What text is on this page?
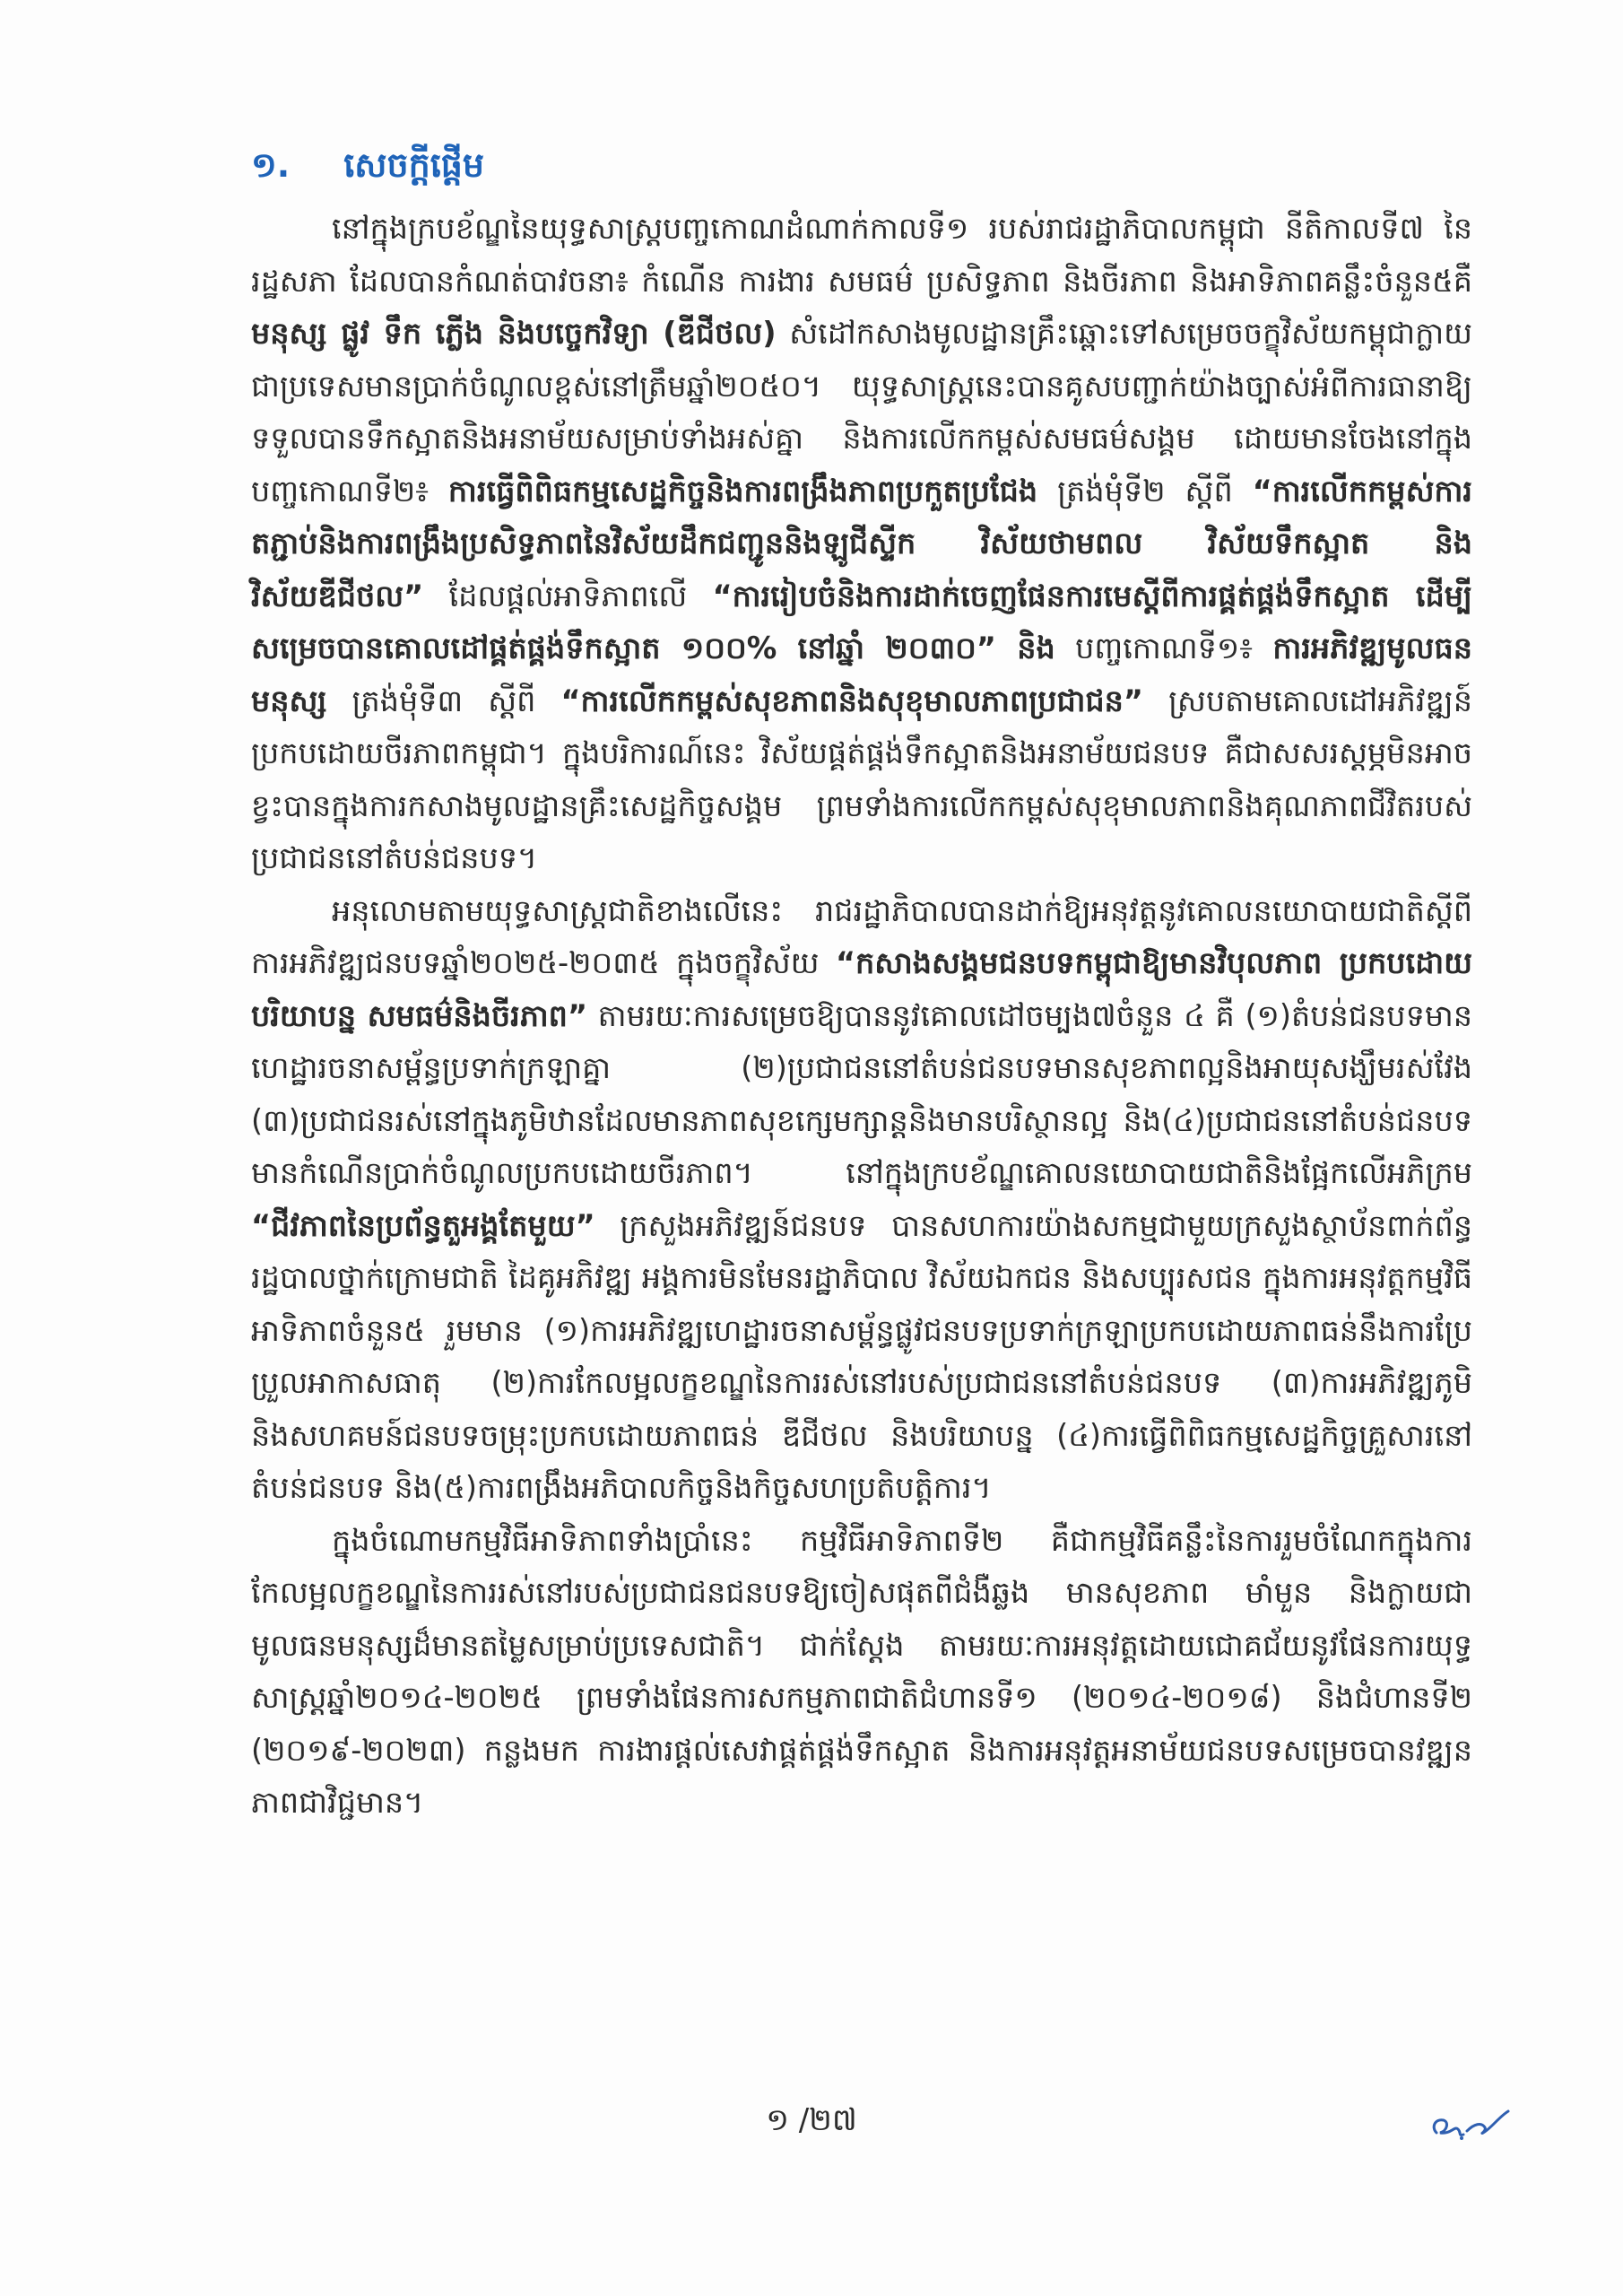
១. សេចក្តីផ្តើម

នៅក្នុងក្របខ័ណ្ឌនៃយុទ្ធសាស្ត្របញ្ចកោណដំណាក់កាលទី១ របស់រាជរដ្ឋាភិបាលកម្ពុជា នីតិកាលទី៧ នៃរដ្ឋសភា ដែលបានកំណត់បាវចនា៖ កំណើន ការងារ សមធម៌ ប្រសិទ្ធភាព និងចីរភាព និងអាទិភាពគន្លឹះចំនួន៥គឺ មនុស្ស ផ្លូវ ទឹក ភ្លើង និងបច្ចេកវិទ្យា (ឌីជីថល) សំដៅកសាងមូលដ្ឋានគ្រឹះឆ្ពោះទៅសម្រេចចក្ខុវិស័យកម្ពុជាក្លាយជាប្រទេសមានប្រាក់ចំណូលខ្ពស់នៅត្រឹមឆ្នាំ២០៥០។ យុទ្ធសាស្ត្រនេះបានគូសបញ្ជាក់យ៉ាងច្បាស់អំពីការធានាឱ្យទទួលបានទឹកស្អាតនិងអនាម័យសម្រាប់ទាំងអស់គ្នា និងការលើកកម្ពស់សមធម៌សង្គម ដោយមានចែងនៅក្នុងបញ្ចកោណទី២៖ ការធ្វើពិពិធកម្មសេដ្ឋកិច្ចនិងការពង្រឹងភាពប្រកួតប្រជែង ត្រង់មុំទី២ ស្តីពី “ការលើកកម្ពស់ការតភ្ជាប់និងការពង្រឹងប្រសិទ្ធភាពនៃវិស័យដឹកជញ្ជូននិងឡូជីស្ទីក វិស័យថាមពល វិស័យទឹកស្អាត និងវិស័យឌីជីថល” ដែលផ្តល់អាទិភាពលើ “ការរៀបចំនិងការដាក់ចេញផែនការមេស្តីពីការផ្គត់ផ្គង់ទឹកស្អាត ដើម្បីសម្រេចបានគោលដៅផ្គត់ផ្គង់ទឹកស្អាត ១០០% នៅឆ្នាំ ២០៣០” និង បញ្ចកោណទី១៖ ការអភិវឌ្ឍមូលធនមនុស្ស ត្រង់មុំទី៣ ស្តីពី “ការលើកកម្ពស់សុខភាពនិងសុខុមាលភាពប្រជាជន” ស្របតាមគោលដៅអភិវឌ្ឍន៍ប្រកបដោយចីរភាពកម្ពុជា។ ក្នុងបរិការណ៍នេះ វិស័យផ្គត់ផ្គង់ទឹកស្អាតនិងអនាម័យជនបទ គឺជាសសរស្តម្ភមិនអាចខ្វះបានក្នុងការកសាងមូលដ្ឋានគ្រឹះសេដ្ឋកិច្ចសង្គម ព្រមទាំងការលើកកម្ពស់សុខុមាលភាពនិងគុណភាពជីវិតរបស់ប្រជាជននៅតំបន់ជនបទ។

អនុលោមតាមយុទ្ធសាស្ត្រជាតិខាងលើនេះ រាជរដ្ឋាភិបាលបានដាក់ឱ្យអនុវត្តនូវគោលនយោបាយជាតិស្តីពីការអភិវឌ្ឍជនបទឆ្នាំ២០២៥-២០៣៥ ក្នុងចក្ខុវិស័យ “កសាងសង្គមជនបទកម្ពុជាឱ្យមានវិបុលភាព ប្រកបដោយបរិយាបន្ន សមធម៌និងចីរភាព” តាមរយៈការសម្រេចឱ្យបាននូវគោលដៅចម្បង៧ចំនួន ៤ គឺ (១)តំបន់ជនបទមានហេដ្ឋារចនាសម្ព័ន្ធប្រទាក់ក្រឡាគ្នា (២)ប្រជាជននៅតំបន់ជនបទមានសុខភាពល្អនិងអាយុសង្ឃឹមរស់វែង (៣)ប្រជាជនរស់នៅក្នុងភូមិឋានដែលមានភាពសុខក្សេមក្សាន្តនិងមានបរិស្ថានល្អ និង(៤)ប្រជាជននៅតំបន់ជនបទមានកំណើនប្រាក់ចំណូលប្រកបដោយចីរភាព។ នៅក្នុងក្របខ័ណ្ឌគោលនយោបាយជាតិនិងផ្អែកលើអភិក្រម “ជីវភាពនៃប្រព័ន្ធតួអង្គតែមួយ” ក្រសួងអភិវឌ្ឍន៍ជនបទ បានសហការយ៉ាងសកម្មជាមួយក្រសួងស្ថាប័នពាក់ព័ន្ធ រដ្ឋបាលថ្នាក់ក្រោមជាតិ ដៃគូអភិវឌ្ឍ អង្គការមិនមែនរដ្ឋាភិបាល វិស័យឯកជន និងសប្បុរសជន ក្នុងការអនុវត្តកម្មវិធីអាទិភាពចំនួន៥ រួមមាន (១)ការអភិវឌ្ឍហេដ្ឋារចនាសម្ព័ន្ធផ្លូវជនបទប្រទាក់ក្រឡាប្រកបដោយភាពធន់នឹងការប្រែប្រួលអាកាសធាតុ (២)ការកែលម្អលក្ខខណ្ឌនៃការរស់នៅរបស់ប្រជាជននៅតំបន់ជនបទ (៣)ការអភិវឌ្ឍភូមិនិងសហគមន៍ជនបទចម្រុះប្រកបដោយភាពធន់ ឌីជីថល និងបរិយាបន្ន (៤)ការធ្វើពិពិធកម្មសេដ្ឋកិច្ចគ្រួសារនៅតំបន់ជនបទ និង(៥)ការពង្រឹងអភិបាលកិច្ចនិងកិច្ចសហប្រតិបត្តិការ។

ក្នុងចំណោមកម្មវិធីអាទិភាពទាំងប្រាំនេះ កម្មវិធីអាទិភាពទី២ គឺជាកម្មវិធីគន្លឹះនៃការរួមចំណែកក្នុងការកែលម្អលក្ខខណ្ឌនៃការរស់នៅរបស់ប្រជាជនជនបទឱ្យចៀសផុតពីជំងឺឆ្លង មានសុខភាព មាំមួន និងក្លាយជាមូលធនមនុស្សដ៏មានតម្លៃសម្រាប់ប្រទេសជាតិ។ ជាក់ស្តែង តាមរយៈការអនុវត្តដោយជោគជ័យនូវផែនការយុទ្ធសាស្ត្រឆ្នាំ២០១៤-២០២៥ ព្រមទាំងផែនការសកម្មភាពជាតិជំហានទី១ (២០១៤-២០១៨) និងជំហានទី២ (២០១៩-២០២៣) កន្លងមក ការងារផ្តល់សេវាផ្គត់ផ្គង់ទឹកស្អាត និងការអនុវត្តអនាម័យជនបទសម្រេចបានវឌ្ឍនភាពជាវិជ្ជមាន។

១ /២៧
